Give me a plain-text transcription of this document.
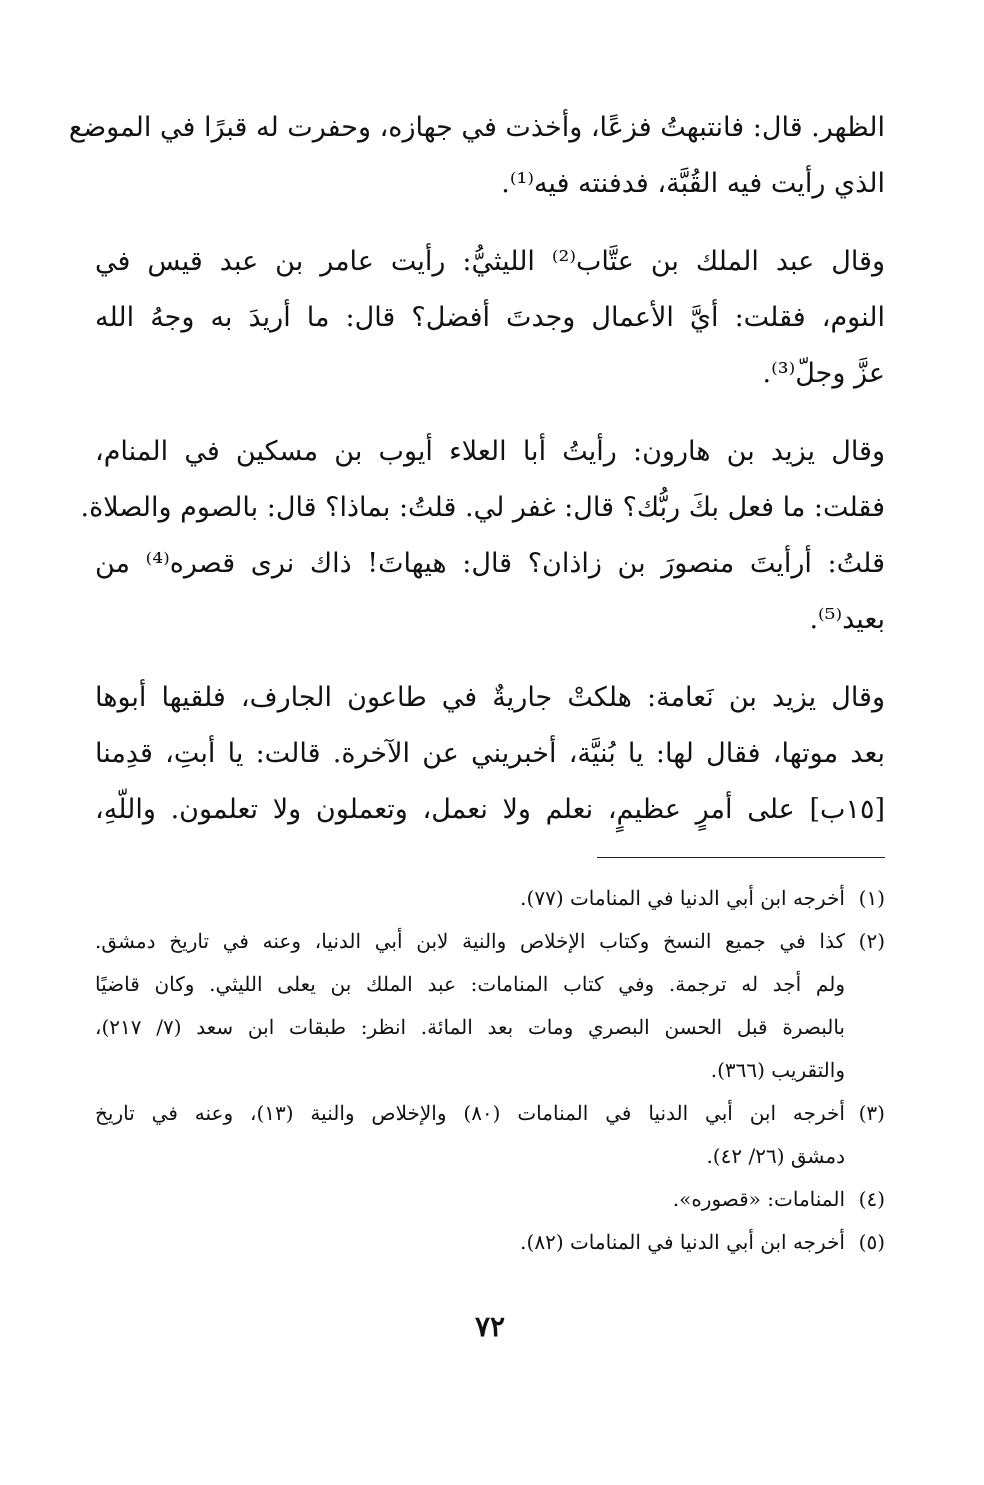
الظهر. قال: فانتبهتُ فزعًا، وأخذت في جهازه، وحفرت له قبرًا في الموضع
الذي رأيت فيه القُبَّة، فدفنته فيه⁽¹⁾.
وقال عبد الملك بن عتَّاب⁽²⁾ الليثيُّ: رأيت عامر بن عبد قيس في
النوم، فقلت: أيَّ الأعمال وجدتَ أفضل؟ قال: ما أريدَ به وجهُ الله
عزَّ وجلّ⁽³⁾.
وقال يزيد بن هارون: رأيتُ أبا العلاء أيوب بن مسكين في المنام،
فقلت: ما فعل بكَ ربُّك؟ قال: غفر لي. قلتُ: بماذا؟ قال: بالصوم والصلاة.
قلتُ: أرأيتَ منصورَ بن زاذان؟ قال: هيهاتَ! ذاك نرى قصره⁽⁴⁾ من
بعيد⁽⁵⁾.
وقال يزيد بن نَعامة: هلكتْ جاريةٌ في طاعون الجارف، فلقيها أبوها
بعد موتها، فقال لها: يا بُنيَّة، أخبريني عن الآخرة. قالت: يا أبتِ، قدِمنا
[١٥ب] على أمرٍ عظيمٍ، نعلم ولا نعمل، وتعملون ولا تعلمون. واللّهِ،
(١)أخرجه ابن أبي الدنيا في المنامات (٧٧).
(٢)كذا في جميع النسخ وكتاب الإخلاص والنية لابن أبي الدنيا، وعنه في تاريخ دمشق.
ولم أجد له ترجمة. وفي كتاب المنامات: عبد الملك بن يعلى الليثي. وكان قاضيًا
بالبصرة قبل الحسن البصري ومات بعد المائة. انظر: طبقات ابن سعد (٧/ ٢١٧)،
والتقريب (٣٦٦).
(٣)أخرجه ابن أبي الدنيا في المنامات (٨٠) والإخلاص والنية (١٣)، وعنه في تاريخ
دمشق (٢٦/ ٤٢).
(٤)المنامات: «قصوره».
(٥)أخرجه ابن أبي الدنيا في المنامات (٨٢).
٧٢
